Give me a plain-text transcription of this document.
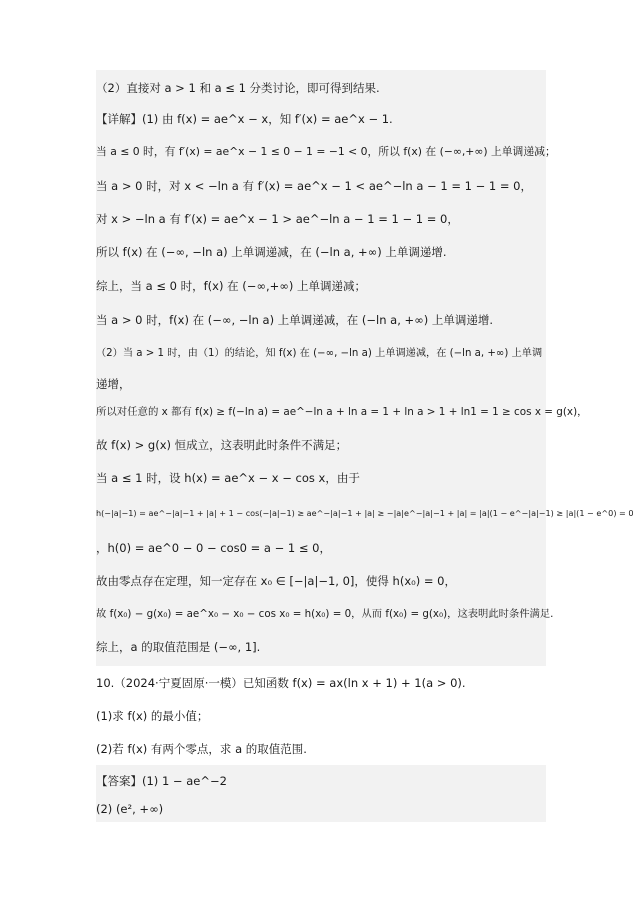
（2）直接对 a > 1 和 a ≤ 1 分类讨论，即可得到结果.
【详解】(1) 由 f(x) = ae^x − x，知 f′(x) = ae^x − 1.
当 a ≤ 0 时，有 f′(x) = ae^x − 1 ≤ 0 − 1 = −1 < 0，所以 f(x) 在 (−∞,+∞) 上单调递减；
当 a > 0 时，对 x < −ln a 有 f′(x) = ae^x − 1 < ae^−ln a − 1 = 1 − 1 = 0，
对 x > −ln a 有 f′(x) = ae^x − 1 > ae^−ln a − 1 = 1 − 1 = 0，
所以 f(x) 在 (−∞, −ln a) 上单调递减，在 (−ln a, +∞) 上单调递增.
综上，当 a ≤ 0 时，f(x) 在 (−∞,+∞) 上单调递减；
当 a > 0 时，f(x) 在 (−∞, −ln a) 上单调递减，在 (−ln a, +∞) 上单调递增.
（2）当 a > 1 时，由（1）的结论，知 f(x) 在 (−∞, −ln a) 上单调递减，在 (−ln a, +∞) 上单调
递增，
所以对任意的 x 都有 f(x) ≥ f(−ln a) = ae^−ln a + ln a = 1 + ln a > 1 + ln1 = 1 ≥ cos x = g(x)，
故 f(x) > g(x) 恒成立，这表明此时条件不满足；
当 a ≤ 1 时，设 h(x) = ae^x − x − cos x，由于
h(−|a|−1) = ae^−|a|−1 + |a| + 1 − cos(−|a|−1) ≥ ae^−|a|−1 + |a| ≥ −|a|e^−|a|−1 + |a| = |a|(1 − e^−|a|−1) ≥ |a|(1 − e^0) = 0
，h(0) = ae^0 − 0 − cos0 = a − 1 ≤ 0，
故由零点存在定理，知一定存在 x₀ ∈ [−|a|−1, 0]，使得 h(x₀) = 0，
故 f(x₀) − g(x₀) = ae^x₀ − x₀ − cos x₀ = h(x₀) = 0，从而 f(x₀) = g(x₀)，这表明此时条件满足.
综上，a 的取值范围是 (−∞, 1].
10.（2024·宁夏固原·一模）已知函数 f(x) = ax(ln x + 1) + 1(a > 0).
(1)求 f(x) 的最小值；
(2)若 f(x) 有两个零点，求 a 的取值范围.
【答案】(1) 1 − ae^−2
(2) (e², +∞)
